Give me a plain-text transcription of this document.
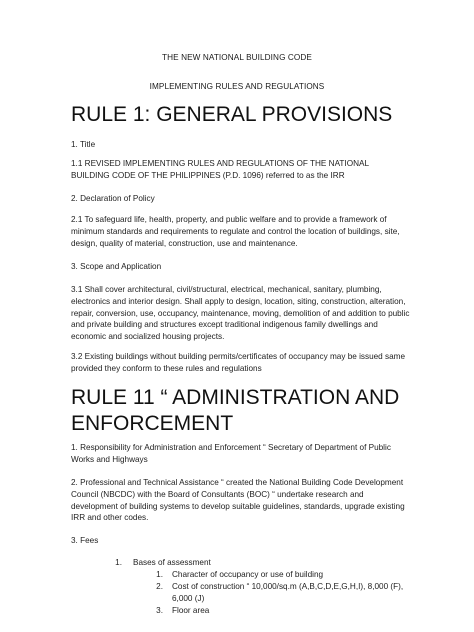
THE NEW NATIONAL BUILDING CODE
IMPLEMENTING RULES AND REGULATIONS
RULE 1: GENERAL PROVISIONS
1. Title
1.1 REVISED IMPLEMENTING RULES AND REGULATIONS OF THE NATIONAL
BUILDING CODE OF THE PHILIPPINES (P.D. 1096) referred to as the IRR
2. Declaration of Policy
2.1 To safeguard life, health, property, and public welfare and to provide a framework of
minimum standards and requirements to regulate and control the location of buildings, site,
design, quality of material, construction, use and maintenance.
3. Scope and Application
3.1 Shall cover architectural, civil/structural, electrical, mechanical, sanitary, plumbing,
electronics and interior design. Shall apply to design, location, siting, construction, alteration,
repair, conversion, use, occupancy, maintenance, moving, demolition of and addition to public
and private building and structures except traditional indigenous family dwellings and
economic and socialized housing projects.
3.2 Existing buildings without building permits/certificates of occupancy may be issued same
provided they conform to these rules and regulations
RULE 11 “ ADMINISTRATION AND
ENFORCEMENT
1. Responsibility for Administration and Enforcement “ Secretary of Department of Public
Works and Highways
2. Professional and Technical Assistance “ created the National Building Code Development
Council (NBCDC) with the Board of Consultants (BOC) “ undertake research and
development of building systems to develop suitable guidelines, standards, upgrade existing
IRR and other codes.
3. Fees
1. Bases of assessment
1. Character of occupancy or use of building
2. Cost of construction “ 10,000/sq.m (A,B,C,D,E,G,H,I), 8,000 (F),
6,000 (J)
3. Floor area
